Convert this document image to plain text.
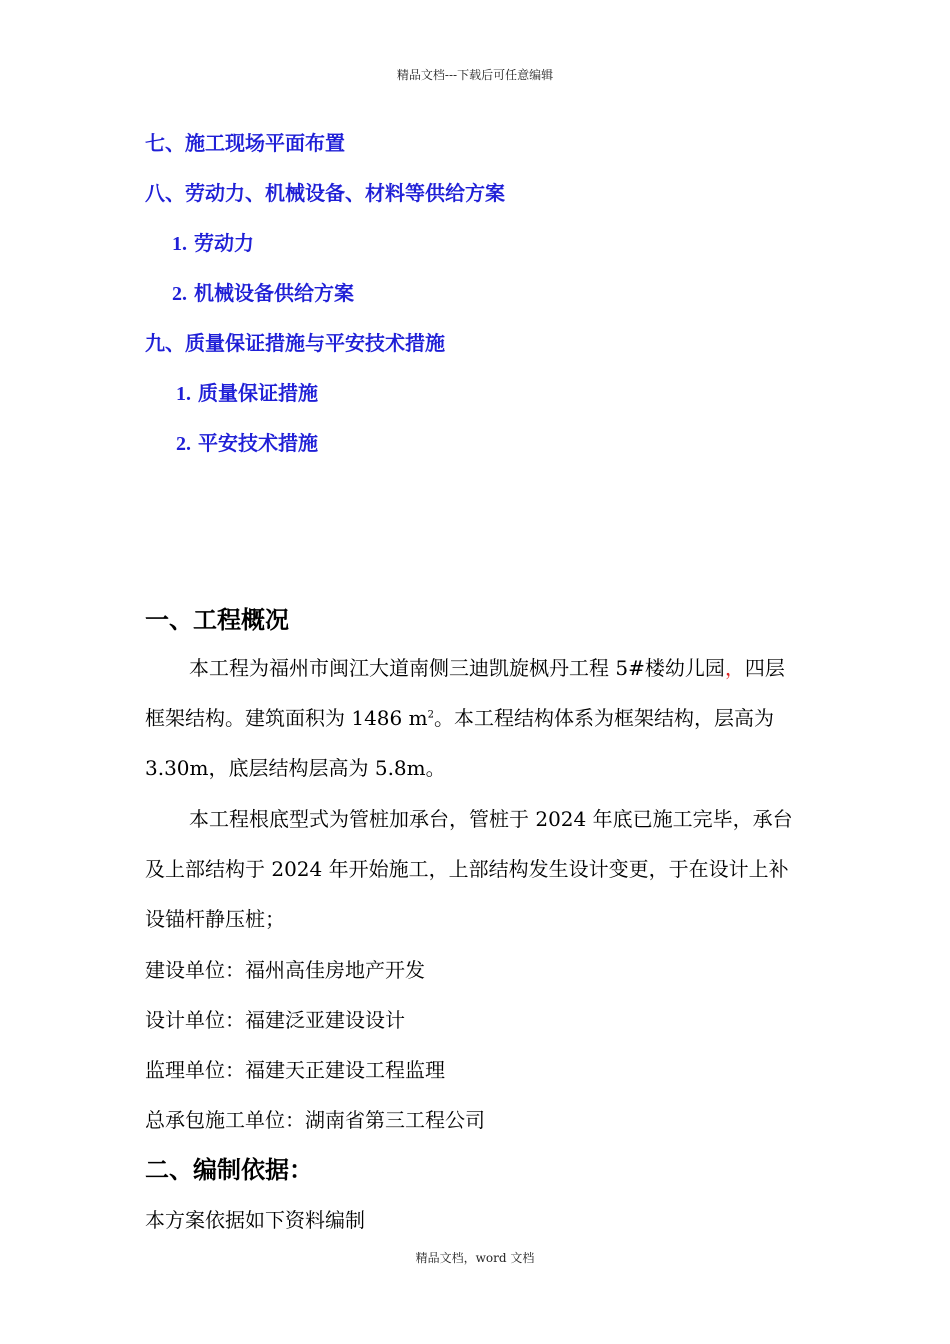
精品文档---下载后可任意编辑
七、施工现场平面布置
八、劳动力、机械设备、材料等供给方案
1. 劳动力
2. 机械设备供给方案
九、质量保证措施与平安技术措施
1. 质量保证措施
2. 平安技术措施
一、工程概况
本工程为福州市闽江大道南侧三迪凯旋枫丹工程 5#楼幼儿园，四层
框架结构。建筑面积为 1486 $m^2$。本工程结构体系为框架结构，层高为
3.30m，底层结构层高为 5.8m。
本工程根底型式为管桩加承台，管桩于 2024 年底已施工完毕，承台
及上部结构于 2024 年开始施工，上部结构发生设计变更，于在设计上补
设锚杆静压桩；
建设单位：福州高佳房地产开发
设计单位：福建泛亚建设设计
监理单位：福建天正建设工程监理
总承包施工单位：湖南省第三工程公司
二、编制依据：
本方案依据如下资料编制
精品文档，word 文档
